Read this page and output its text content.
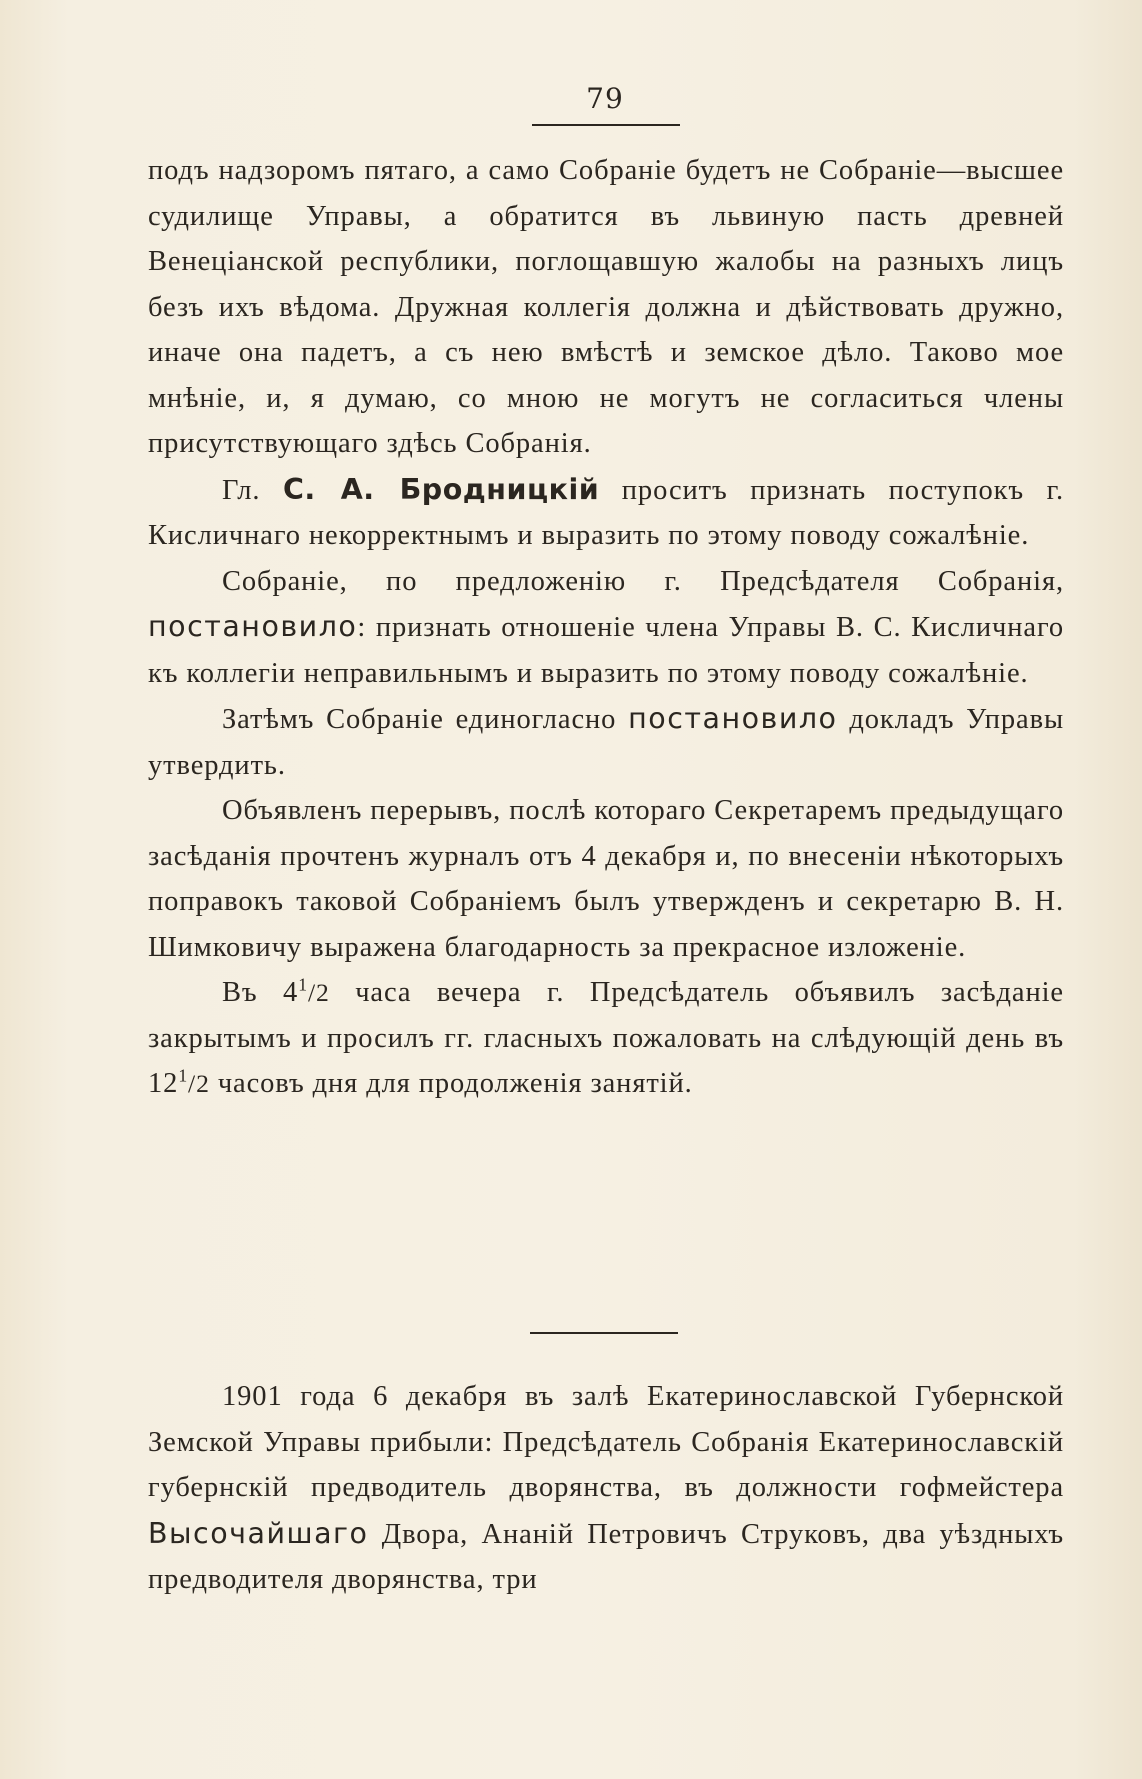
79

подъ надзоромъ пятаго, а само Собраніе будетъ не Собраніе—высшее судилище Управы, а обратится въ львиную пасть древней Венеціанской республики, поглощавшую жалобы на разныхъ лицъ безъ ихъ вѣдома. Дружная коллегія должна и дѣйствовать дружно, иначе она падетъ, а съ нею вмѣстѣ и земское дѣло. Таково мое мнѣніе, и, я думаю, со мною не могутъ не согласиться члены присутствующаго здѣсь Собранія.

Гл. С. А. Бродницкій проситъ признать поступокъ г. Кисличнаго некорректнымъ и выразить по этому поводу сожалѣніе.

Собраніе, по предложенію г. Предсѣдателя Собранія, постановило: признать отношеніе члена Управы В. С. Кисличнаго къ коллегіи неправильнымъ и выразить по этому поводу сожалѣніе.

Затѣмъ Собраніе единогласно постановило докладъ Управы утвердить.

Объявленъ перерывъ, послѣ котораго Секретаремъ предыдущаго засѣданія прочтенъ журналъ отъ 4 декабря и, по внесеніи нѣкоторыхъ поправокъ таковой Собраніемъ былъ утвержденъ и секретарю В. Н. Шимковичу выражена благодарность за прекрасное изложеніе.

Въ $4^1/2$ часа вечера г. Предсѣдатель объявилъ засѣданіе закрытымъ и просилъ гг. гласныхъ пожаловать на слѣдующій день въ $12^1/2$ часовъ дня для продолженія занятій.

1901 года 6 декабря въ залѣ Екатеринославской Губернской Земской Управы прибыли: Предсѣдатель Собранія Екатеринославскій губернскій предводитель дворянства, въ должности гофмейстера Высочайшаго Двора, Ананій Петровичъ Струковъ, два уѣздныхъ предводителя дворянства, три
